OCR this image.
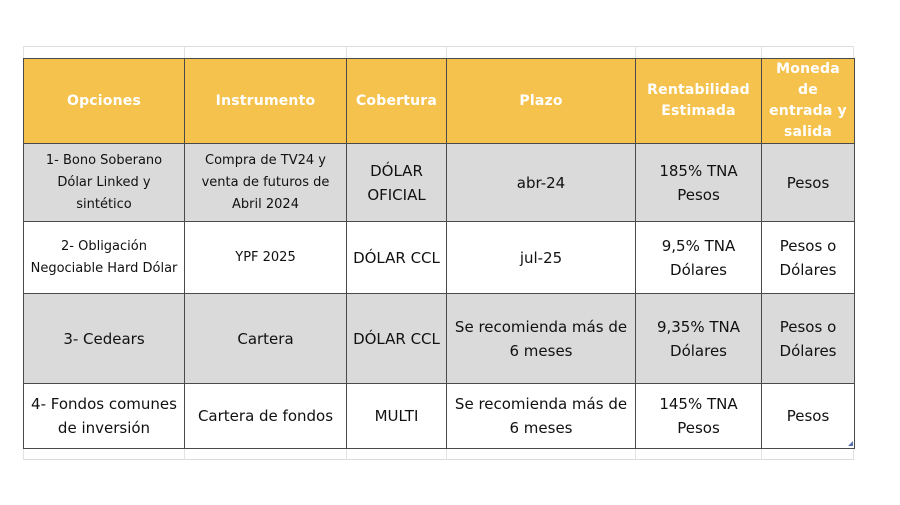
Opciones	Instrumento	Cobertura	Plazo	Rentabilidad Estimada	Moneda de entrada y salida
1- Bono Soberano Dólar Linked y sintético	Compra de TV24 y venta de futuros de Abril 2024	DÓLAR OFICIAL	abr-24	185% TNA Pesos	Pesos
2- Obligación Negociable Hard Dólar	YPF 2025	DÓLAR CCL	jul-25	9,5% TNA Dólares	Pesos o Dólares
3- Cedears	Cartera	DÓLAR CCL	Se recomienda más de 6 meses	9,35% TNA Dólares	Pesos o Dólares
4- Fondos comunes de inversión	Cartera de fondos	MULTI	Se recomienda más de 6 meses	145% TNA Pesos	Pesos
